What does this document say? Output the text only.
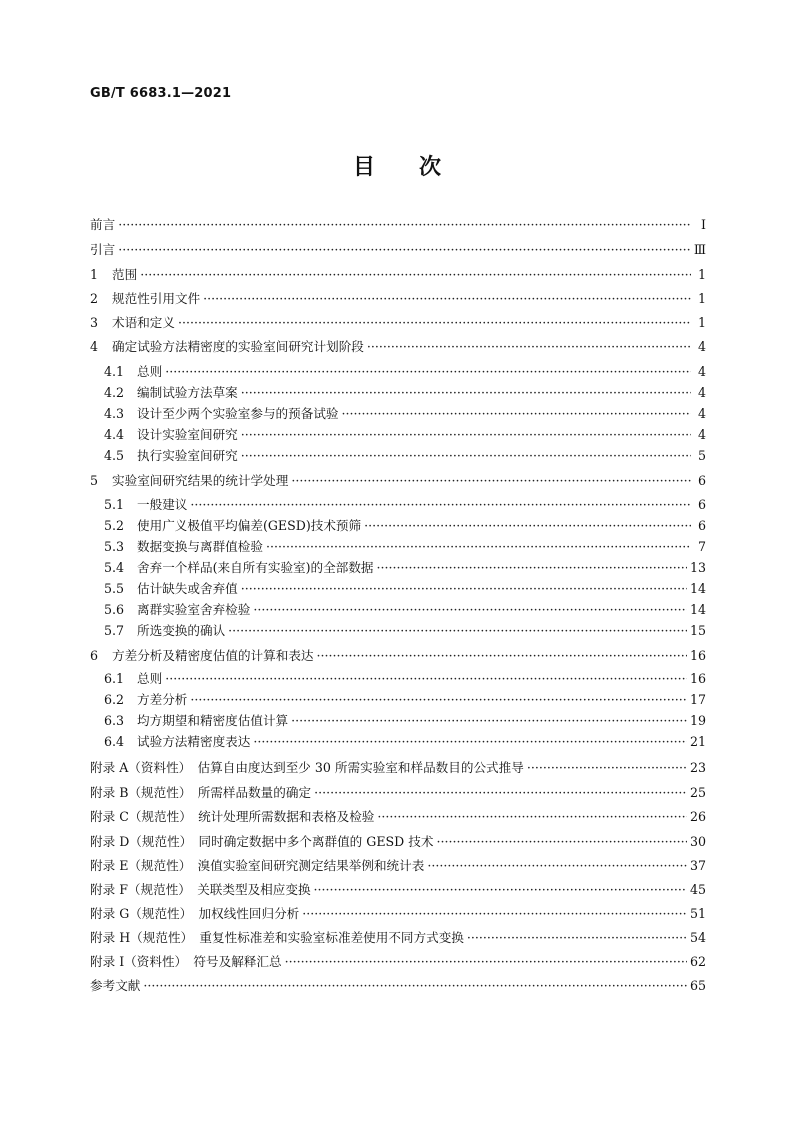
GB/T 6683.1—2021
目　　次
前言 ·····	Ⅰ
引言 ·····	Ⅲ
1 范围 ·····	1
2 规范性引用文件 ·····	1
3 术语和定义 ·····	1
4 确定试验方法精密度的实验室间研究计划阶段 ·····	4
4.1 总则 ·····	4
4.2 编制试验方法草案 ·····	4
4.3 设计至少两个实验室参与的预备试验 ·····	4
4.4 设计实验室间研究 ·····	4
4.5 执行实验室间研究 ·····	5
5 实验室间研究结果的统计学处理 ·····	6
5.1 一般建议 ·····	6
5.2 使用广义极值平均偏差(GESD)技术预筛 ·····	6
5.3 数据变换与离群值检验 ·····	7
5.4 舍弃一个样品(来自所有实验室)的全部数据 ·····	13
5.5 估计缺失或舍弃值 ·····	14
5.6 离群实验室舍弃检验 ·····	14
5.7 所选变换的确认 ·····	15
6 方差分析及精密度估值的计算和表达 ·····	16
6.1 总则 ·····	16
6.2 方差分析 ·····	17
6.3 均方期望和精密度估值计算 ·····	19
6.4 试验方法精密度表达 ·····	21
附录 A（资料性）　估算自由度达到至少 30 所需实验室和样品数目的公式推导 ·····	23
附录 B（规范性）　所需样品数量的确定 ·····	25
附录 C（规范性）　统计处理所需数据和表格及检验 ·····	26
附录 D（规范性）　同时确定数据中多个离群值的 GESD 技术 ·····	30
附录 E（规范性）　溴值实验室间研究测定结果举例和统计表 ·····	37
附录 F（规范性）　关联类型及相应变换 ·····	45
附录 G（规范性）　加权线性回归分析 ·····	51
附录 H（规范性）　重复性标准差和实验室标准差使用不同方式变换 ·····	54
附录 I（资料性）　符号及解释汇总 ·····	62
参考文献 ·····	65
